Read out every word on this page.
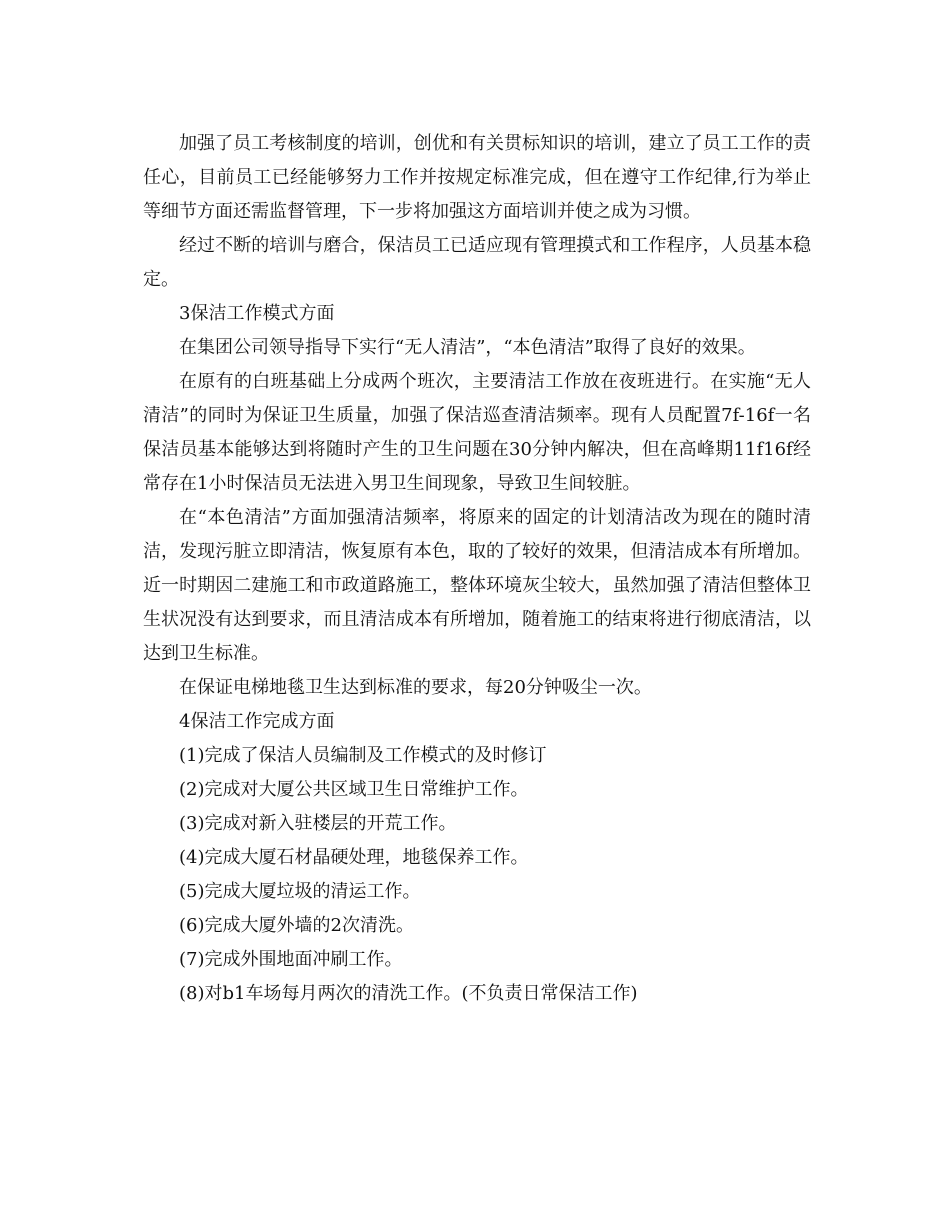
加强了员工考核制度的培训，创优和有关贯标知识的培训，建立了员工工作的责任心，目前员工已经能够努力工作并按规定标准完成，但在遵守工作纪律,行为举止等细节方面还需监督管理，下一步将加强这方面培训并使之成为习惯。

经过不断的培训与磨合，保洁员工已适应现有管理摸式和工作程序，人员基本稳定。

3保洁工作模式方面

在集团公司领导指导下实行“无人清洁”，“本色清洁”取得了良好的效果。

在原有的白班基础上分成两个班次，主要清洁工作放在夜班进行。在实施“无人清洁”的同时为保证卫生质量，加强了保洁巡查清洁频率。现有人员配置7f-16f一名保洁员基本能够达到将随时产生的卫生问题在30分钟内解决，但在高峰期11f16f经常存在1小时保洁员无法进入男卫生间现象，导致卫生间较脏。

在“本色清洁”方面加强清洁频率，将原来的固定的计划清洁改为现在的随时清洁，发现污脏立即清洁，恢复原有本色，取的了较好的效果，但清洁成本有所增加。近一时期因二建施工和市政道路施工，整体环境灰尘较大，虽然加强了清洁但整体卫生状况没有达到要求，而且清洁成本有所增加，随着施工的结束将进行彻底清洁，以达到卫生标准。

在保证电梯地毯卫生达到标准的要求，每20分钟吸尘一次。

4保洁工作完成方面

(1)完成了保洁人员编制及工作模式的及时修订

(2)完成对大厦公共区域卫生日常维护工作。

(3)完成对新入驻楼层的开荒工作。

(4)完成大厦石材晶硬处理，地毯保养工作。

(5)完成大厦垃圾的清运工作。

(6)完成大厦外墙的2次清洗。

(7)完成外围地面冲刷工作。

(8)对b1车场每月两次的清洗工作。(不负责日常保洁工作)
